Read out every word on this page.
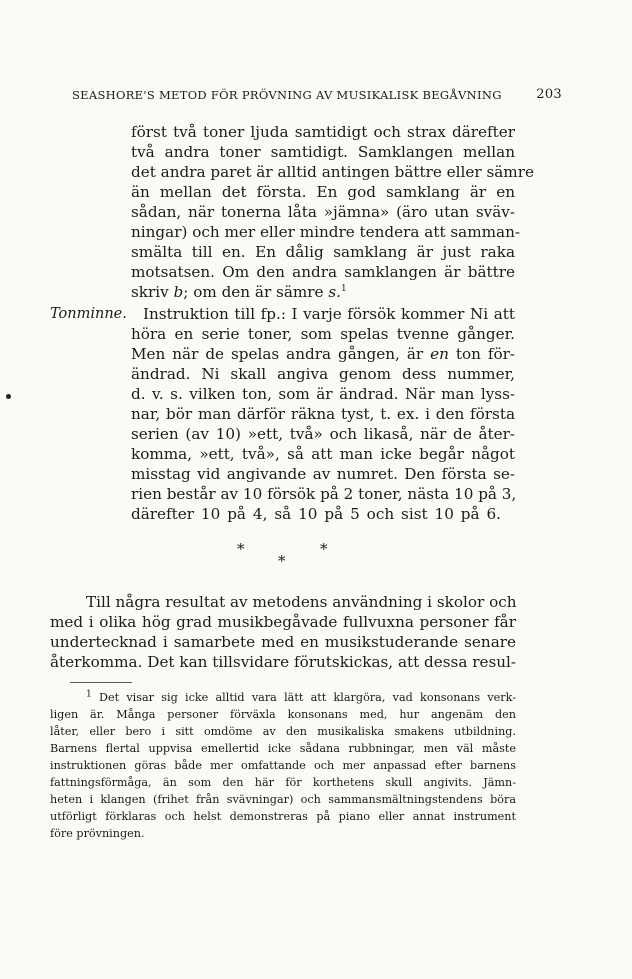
SEASHORE'S METOD FÖR PRÖVNING AV MUSIKALISK BEGÅVNING	203
först två toner ljuda samtidigt och strax därefter
två andra toner samtidigt. Samklangen mellan
det andra paret är alltid antingen bättre eller sämre
än mellan det första. En god samklang är en
sådan, när tonerna låta »jämna» (äro utan sväv-
ningar) och mer eller mindre tendera att samman-
smälta till en. En dålig samklang är just raka
motsatsen. Om den andra samklangen är bättre
skriv b; om den är sämre s.$^1$
Tonminne. Instruktion till fp.: I varje försök kommer Ni att
höra en serie toner, som spelas tvenne gånger.
Men när de spelas andra gången, är en ton för-
ändrad. Ni skall angiva genom dess nummer,
d. v. s. vilken ton, som är ändrad. När man lyss-
nar, bör man därför räkna tyst, t. ex. i den första
serien (av 10) »ett, två» och likaså, när de åter-
komma, »ett, två», så att man icke begår något
misstag vid angivande av numret. Den första se-
rien består av 10 försök på 2 toner, nästa 10 på 3,
därefter 10 på 4, så 10 på 5 och sist 10 på 6.
*
*
*
Till några resultat av metodens användning i skolor och
med i olika hög grad musikbegåvade fullvuxna personer får
undertecknad i samarbete med en musikstuderande senare
återkomma. Det kan tillsvidare förutskickas, att dessa resul-
$^1$ Det visar sig icke alltid vara lätt att klargöra, vad konsonans verk-
ligen är. Många personer förväxla konsonans med, hur angenäm den
låter, eller bero i sitt omdöme av den musikaliska smakens utbildning.
Barnens flertal uppvisa emellertid icke sådana rubbningar, men väl måste
instruktionen göras både mer omfattande och mer anpassad efter barnens
fattningsförmåga, än som den här för korthetens skull angivits. Jämn-
heten i klangen (frihet från svävningar) och sammansmältningstendens böra
utförligt förklaras och helst demonstreras på piano eller annat instrument
före prövningen.
